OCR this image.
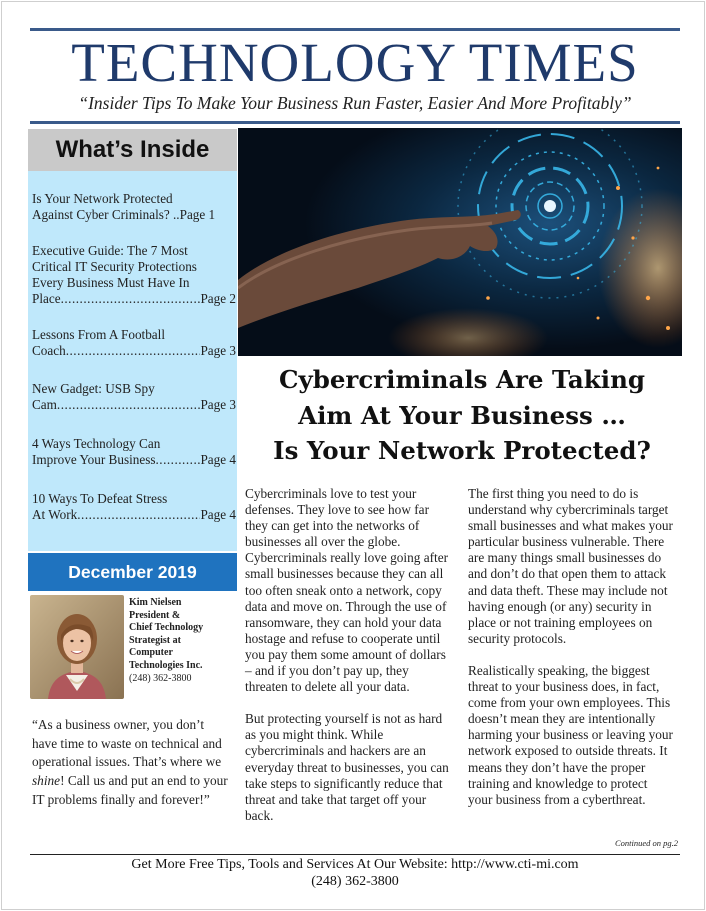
TECHNOLOGY TIMES
“Insider Tips To Make Your Business Run Faster, Easier And More Profitably”
What’s Inside
Is Your Network Protected
Against Cyber Criminals? .. Page 1
Executive Guide: The 7 Most
Critical IT Security Protections
Every Business Must Have In
Place .....	Page 2
Lessons From A Football
Coach .....	Page 3
New Gadget: USB Spy
Cam .....	Page 3
4 Ways Technology Can
Improve Your Business .....	Page 4
10 Ways To Defeat Stress
At Work .....	Page 4
December 2019
Kim Nielsen
President &
Chief Technology
Strategist at
Computer
Technologies Inc.
(248) 362-3800
“As a business owner, you don’t have time to waste on technical and operational issues. That’s where we shine! Call us and put an end to your IT problems finally and forever!”
Cybercriminals Are Taking
Aim At Your Business …
Is Your Network Protected?

Cybercriminals love to test your defenses. They love to see how far they can get into the networks of businesses all over the globe. Cybercriminals really love going after small businesses because they can all too often sneak onto a network, copy data and move on. Through the use of ransomware, they can hold your data hostage and refuse to cooperate until you pay them some amount of dollars – and if you don’t pay up, they threaten to delete all your data.

But protecting yourself is not as hard as you might think. While cybercriminals and hackers are an everyday threat to businesses, you can take steps to significantly reduce that threat and take that target off your back.

The first thing you need to do is understand why cybercriminals target small businesses and what makes your particular business vulnerable. There are many things small businesses do and don’t do that open them to attack and data theft. These may include not having enough (or any) security in place or not training employees on security protocols.

Realistically speaking, the biggest threat to your business does, in fact, come from your own employees. This doesn’t mean they are intentionally harming your business or leaving your network exposed to outside threats. It means they don’t have the proper training and knowledge to protect your business from a cyberthreat.

Continued on pg.2
Get More Free Tips, Tools and Services At Our Website: http://www.cti-mi.com
(248) 362-3800
